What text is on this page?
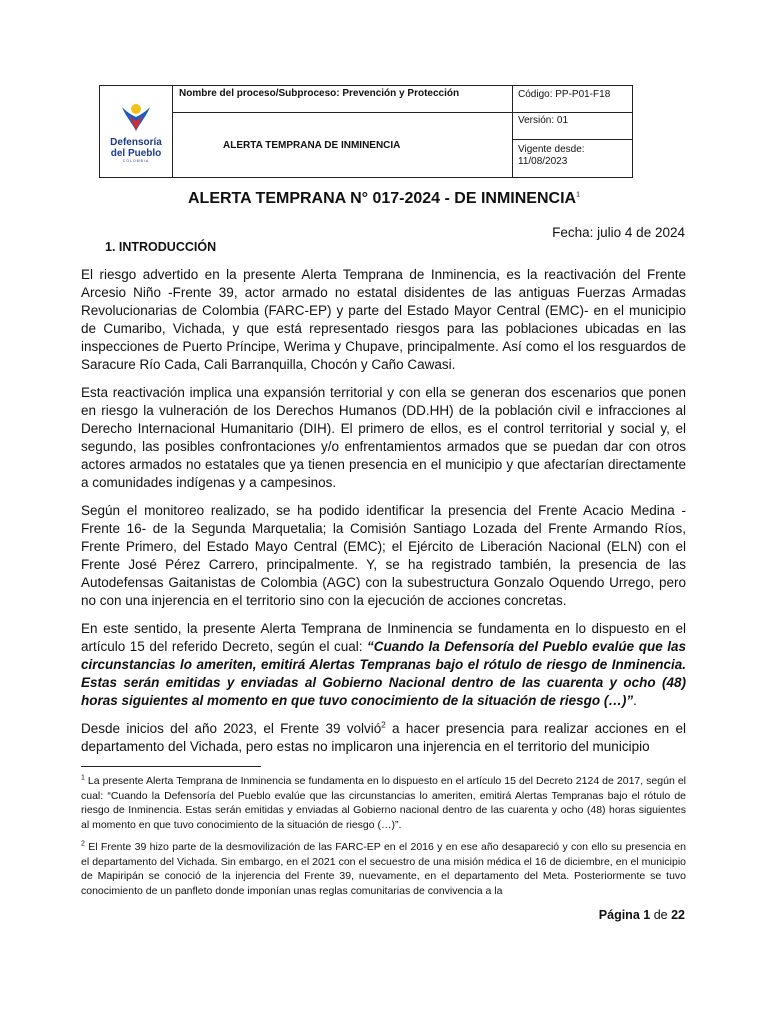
Defensoría
del Pueblo
COLOMBIA
Nombre del proceso/Subproceso: Prevención y Protección
ALERTA TEMPRANA DE INMINENCIA
Código: PP-P01-F18
Versión: 01
Vigente desde:
11/08/2023
ALERTA TEMPRANA N° 017-2024 - DE INMINENCIA$^1$
Fecha: julio 4 de 2024
1. INTRODUCCIÓN

El riesgo advertido en la presente Alerta Temprana de Inminencia, es la reactivación del Frente Arcesio Niño -Frente 39, actor armado no estatal disidentes de las antiguas Fuerzas Armadas Revolucionarias de Colombia (FARC-EP) y parte del Estado Mayor Central (EMC)- en el municipio de Cumaribo, Vichada, y que está representado riesgos para las poblaciones ubicadas en las inspecciones de Puerto Príncipe, Werima y Chupave, principalmente. Así como el los resguardos de Saracure Río Cada, Cali Barranquilla, Chocón y Caño Cawasi.

Esta reactivación implica una expansión territorial y con ella se generan dos escenarios que ponen en riesgo la vulneración de los Derechos Humanos (DD.HH) de la población civil e infracciones al Derecho Internacional Humanitario (DIH). El primero de ellos, es el control territorial y social y, el segundo, las posibles confrontaciones y/o enfrentamientos armados que se puedan dar con otros actores armados no estatales que ya tienen presencia en el municipio y que afectarían directamente a comunidades indígenas y a campesinos.

Según el monitoreo realizado, se ha podido identificar la presencia del Frente Acacio Medina - Frente 16- de la Segunda Marquetalia; la Comisión Santiago Lozada del Frente Armando Ríos, Frente Primero, del Estado Mayo Central (EMC); el Ejército de Liberación Nacional (ELN) con el Frente José Pérez Carrero, principalmente. Y, se ha registrado también, la presencia de las Autodefensas Gaitanistas de Colombia (AGC) con la subestructura Gonzalo Oquendo Urrego, pero no con una injerencia en el territorio sino con la ejecución de acciones concretas.

En este sentido, la presente Alerta Temprana de Inminencia se fundamenta en lo dispuesto en el artículo 15 del referido Decreto, según el cual: “Cuando la Defensoría del Pueblo evalúe que las circunstancias lo ameriten, emitirá Alertas Tempranas bajo el rótulo de riesgo de Inminencia. Estas serán emitidas y enviadas al Gobierno Nacional dentro de las cuarenta y ocho (48) horas siguientes al momento en que tuvo conocimiento de la situación de riesgo (…)”.

Desde inicios del año 2023, el Frente 39 volvió$^2$ a hacer presencia para realizar acciones en el departamento del Vichada, pero estas no implicaron una injerencia en el territorio del municipio

$^1$ La presente Alerta Temprana de Inminencia se fundamenta en lo dispuesto en el artículo 15 del Decreto 2124 de 2017, según el cual: “Cuando la Defensoría del Pueblo evalúe que las circunstancias lo ameriten, emitirá Alertas Tempranas bajo el rótulo de riesgo de Inminencia. Estas serán emitidas y enviadas al Gobierno nacional dentro de las cuarenta y ocho (48) horas siguientes al momento en que tuvo conocimiento de la situación de riesgo (…)”.

$^2$ El Frente 39 hizo parte de la desmovilización de las FARC-EP en el 2016 y en ese año desapareció y con ello su presencia en el departamento del Vichada. Sin embargo, en el 2021 con el secuestro de una misión médica el 16 de diciembre, en el municipio de Mapiripán se conoció de la injerencia del Frente 39, nuevamente, en el departamento del Meta. Posteriormente se tuvo conocimiento de un panfleto donde imponían unas reglas comunitarias de convivencia a la

Página 1 de 22
